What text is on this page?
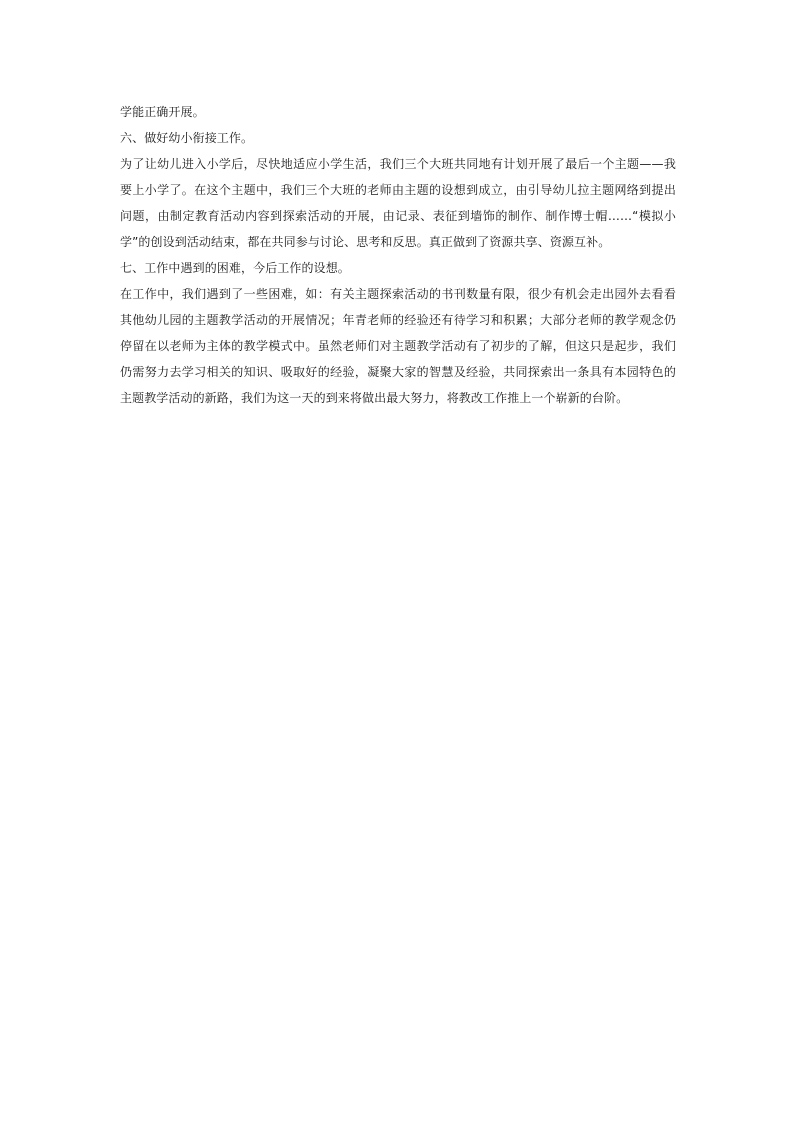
学能正确开展。

六、做好幼小衔接工作。

为了让幼儿进入小学后，尽快地适应小学生活，我们三个大班共同地有计划开展了最后一个主题——我要上小学了。在这个主题中，我们三个大班的老师由主题的设想到成立，由引导幼儿拉主题网络到提出问题，由制定教育活动内容到探索活动的开展，由记录、表征到墙饰的制作、制作博士帽……“模拟小学”的创设到活动结束，都在共同参与讨论、思考和反思。真正做到了资源共享、资源互补。

七、工作中遇到的困难，今后工作的设想。

在工作中，我们遇到了一些困难，如：有关主题探索活动的书刊数量有限，很少有机会走出园外去看看其他幼儿园的主题教学活动的开展情况；年青老师的经验还有待学习和积累；大部分老师的教学观念仍停留在以老师为主体的教学模式中。虽然老师们对主题教学活动有了初步的了解，但这只是起步，我们仍需努力去学习相关的知识、吸取好的经验，凝聚大家的智慧及经验，共同探索出一条具有本园特色的主题教学活动的新路，我们为这一天的到来将做出最大努力，将教改工作推上一个崭新的台阶。
